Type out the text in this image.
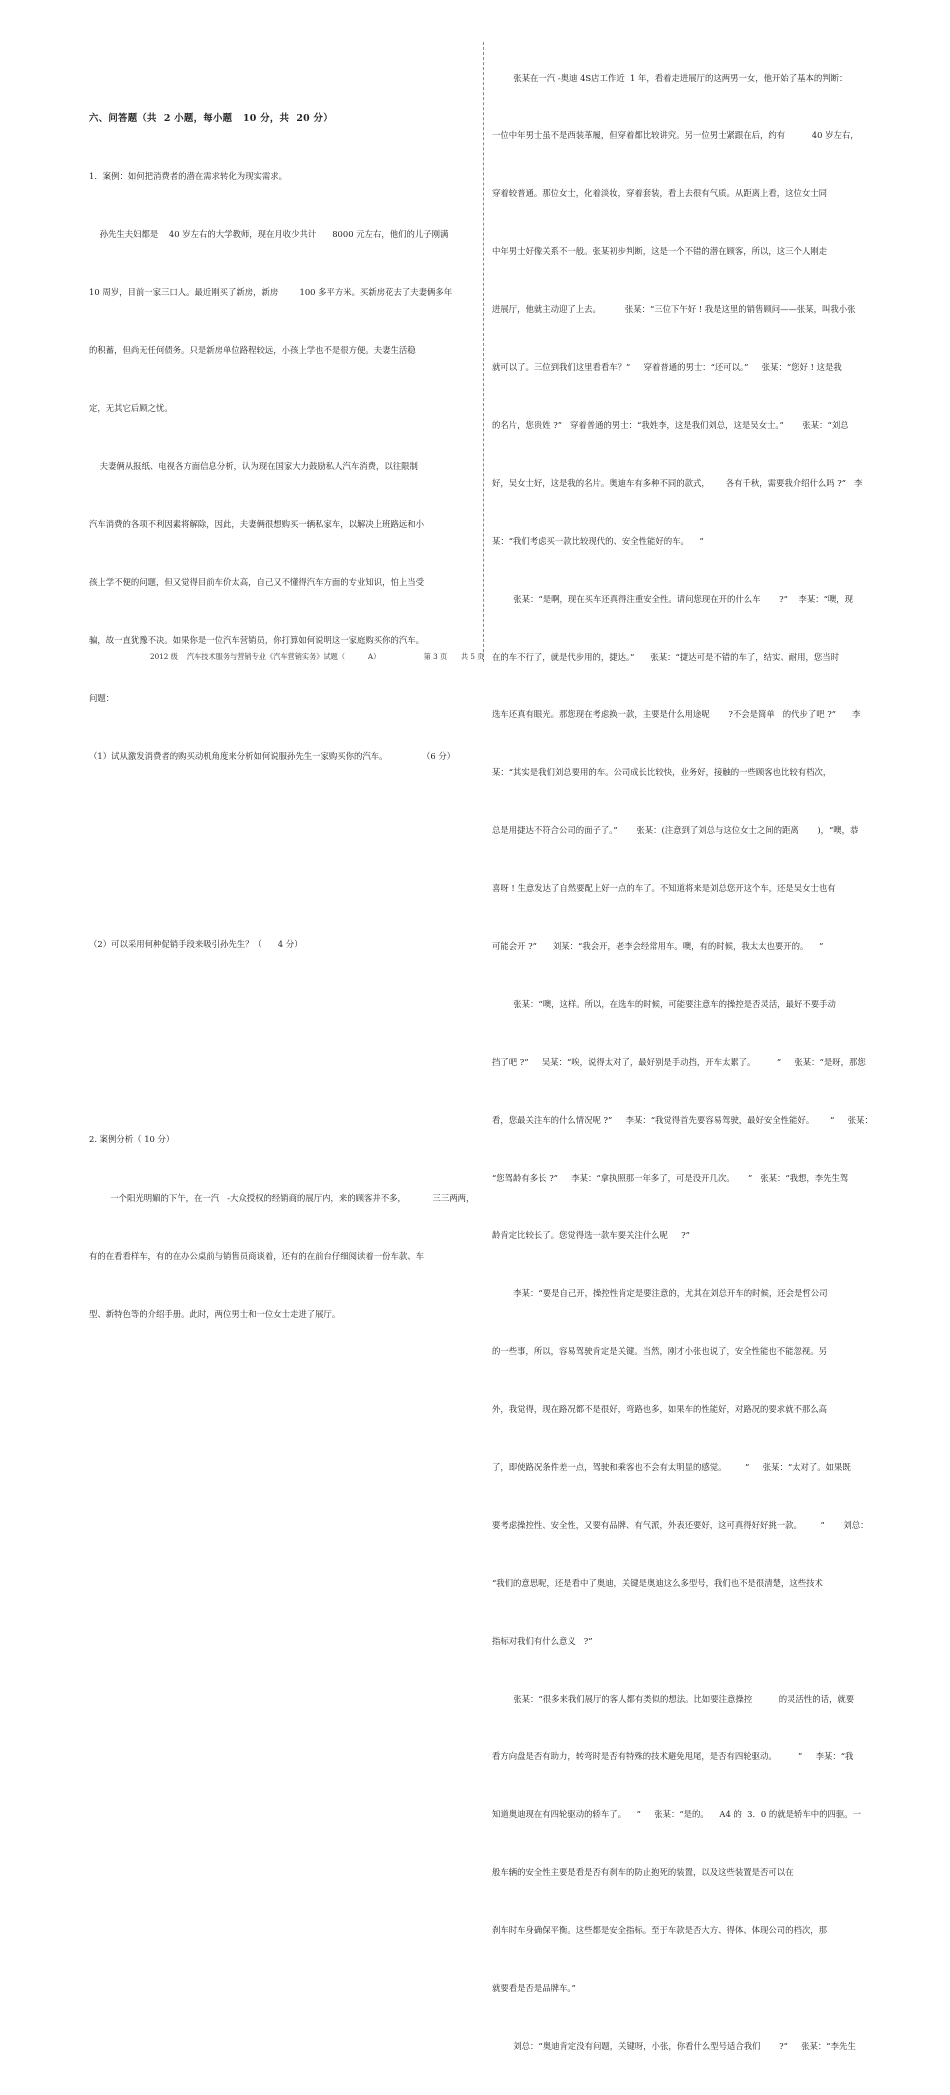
六、问答题（共  2 小题，每小题   10 分，共  20 分）

1．案例：如何把消费者的潜在需求转化为现实需求。

孙先生夫妇都是    40 岁左右的大学教师，现在月收少共计      8000 元左右，他们的儿子刚满

10 周岁，目前一家三口人。最近刚买了新房，新房        100 多平方米。买新房花去了夫妻俩多年

的积蓄，但尚无任何债务。只是新房单位路程较远，小孩上学也不是很方便。夫妻生活稳

定，无其它后顾之忧。

夫妻俩从报纸、电视各方面信息分析，认为现在国家大力鼓励私人汽车消费，以往限制

汽车消费的各项不利因素将解除，因此，夫妻俩很想购买一辆私家车，以解决上班路远和小

孩上学不便的问题，但又觉得目前车价太高，自己又不懂得汽车方面的专业知识，怕上当受

骗，故一直犹豫不决。如果你是一位汽车营销员，你打算如何说明这一家庭购买你的汽车。

问题：

（1）试从激发消费者的购买动机角度来分析如何说服孙先生一家购买你的汽车。             （6 分）

（2）可以采用何种促销手段来吸引孙先生？（      4 分）

2. 案例分析（ 10 分）

一个阳光明媚的下午，在一汽   -大众授权的经销商的展厅内，来的顾客并不多，          三三两两，

有的在看看样车，有的在办公桌前与销售员商谈着，还有的在前台仔细阅读着一份车款、车

型、新特色等的介绍手册。此时，两位男士和一位女士走进了展厅。

张某在一汽 -奥迪 4S店工作近  1 年，看着走进展厅的这两男一女，他开始了基本的判断：

一位中年男士虽不是西装革履，但穿着都比较讲究。另一位男士紧跟在后，约有          40 岁左右，

穿着较普通。那位女士，化着淡妆，穿着套装，看上去很有气质。从距离上看，这位女士同

中年男士好像关系不一般。张某初步判断，这是一个不错的潜在顾客，所以，这三个人刚走

进展厅，他就主动迎了上去。         张某：“三位下午好 ! 我是这里的销售顾问——张某，叫我小张

就可以了。三位到我们这里看看车？”     穿着普通的男士：“还可以。”     张某：“您好 ! 这是我

的名片，您贵姓 ?”   穿着普通的男士：“我姓李，这是我们刘总，这是吴女士。”       张某：“刘总

好，吴女士好，这是我的名片。奥迪车有多种不同的款式，      各有千秋，需要我介绍什么吗 ?”   李

某：“我们考虑买一款比较现代的、安全性能好的车。    ”

张某：“是啊，现在买车还真得注重安全性。请问您现在开的什么车       ?”    李某：“噢，现

在的车不行了，就是代步用的，捷达。”      张某：“捷达可是不错的车了，结实、耐用，您当时

选车还真有眼光。那您现在考虑换一款，主要是什么用途呢       ?不会是简单   的代步了吧 ?”      李

某：“其实是我们刘总要用的车。公司成长比较快，业务好，接触的一些顾客也比较有档次，

总是用捷达不符合公司的面子了。”       张某：(注意到了刘总与这位女士之间的距离       )，“噢，恭

喜呀 ! 生意发达了自然要配上好一点的车了。不知道将来是刘总您开这个车，还是吴女士也有

可能会开 ?”      刘某：“我会开，老李会经常用车。噢，有的时候，我太太也要开的。    ”

张某：“噢，这样。所以，在选车的时候，可能要注意车的操控是否灵活，最好不要手动

挡了吧 ?”     吴某：“唉，说得太对了，最好别是手动挡，开车太累了。        ”     张某：“是呀，那您

看，您最关注车的什么情况呢 ?”     李某：“我觉得首先要容易驾驶，最好安全性能好。      ”     张某：

“您驾龄有多长 ?”     李某：“拿执照那一年多了，可是没开几次。     ”   张某：“我想，李先生驾

龄肯定比较长了。您觉得选一款车要关注什么呢     ?”

李某：“要是自己开，操控性肯定是要注意的，尤其在刘总开车的时候，还会是哲公司

的一些事，所以，容易驾驶肯定是关键。当然，刚才小张也说了，安全性能也不能忽视。另

外，我觉得，现在路况都不是很好，弯路也多，如果车的性能好，对路况的要求就不那么高

了，即使路况条件差一点，驾驶和乘客也不会有太明显的感觉。       ”     张某：“太对了。如果既

要考虑操控性、安全性，又要有品牌、有气派，外表还要好，这可真得好好挑一款。       ”       刘总：

“我们的意思呢，还是看中了奥迪，关键是奥迪这么多型号，我们也不是很清楚，这些技术

指标对我们有什么意义   ?”

张某：“很多来我们展厅的客人都有类似的想法。比如要注意操控          的灵活性的话，就要

看方向盘是否有助力，转弯时是否有特殊的技术避免甩尾，是否有四轮驱动。        ”     李某：“我

知道奥迪现在有四轮驱动的轿车了。    ”     张某：“是的。    A4 的  3．0 的就是轿车中的四驱。一

般车辆的安全性主要是看是否有刹车的防止抱死的装置，以及这些装置是否可以在

刹车时车身确保平衡。这些都是安全指标。至于车款是否大方、得体、体现公司的档次，那

就要看是否是品牌车。”

刘总：“奥迪肯定没有问题，关键呀，小张，你看什么型号适合我们       ?”     张某：“李先生

2012 级    汽车技术服务与营销专业《汽车营销实务》试题（          A）                   第 3 页      共 5 页
